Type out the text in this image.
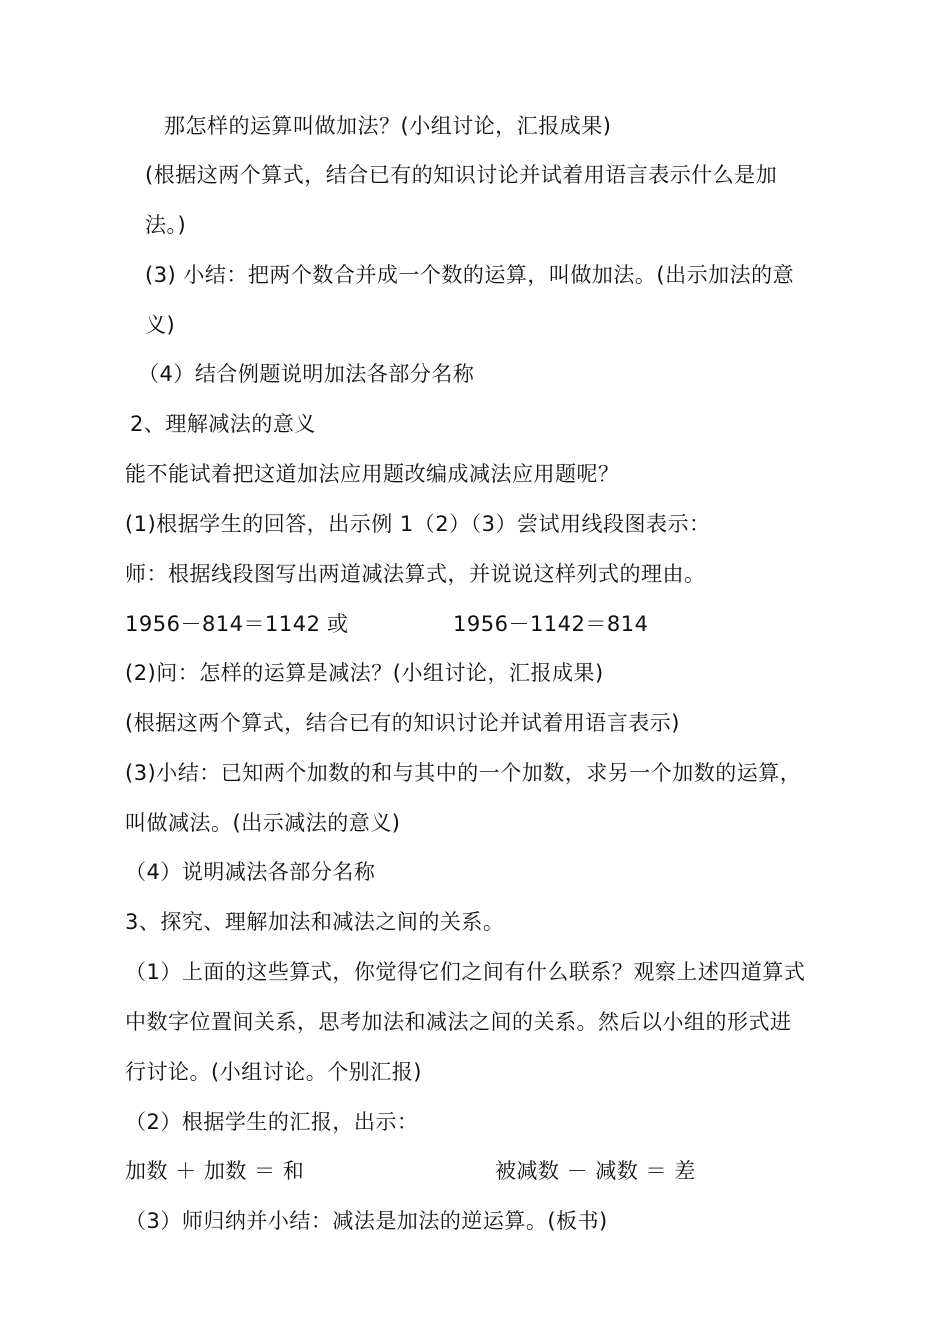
那怎样的运算叫做加法？(小组讨论，汇报成果)
(根据这两个算式，结合已有的知识讨论并试着用语言表示什么是加
法。)
(3) 小结：把两个数合并成一个数的运算，叫做加法。(出示加法的意
义)
（4）结合例题说明加法各部分名称
2、理解减法的意义
能不能试着把这道加法应用题改编成减法应用题呢？
(1)根据学生的回答，出示例 1（2）（3）尝试用线段图表示：
师：根据线段图写出两道减法算式，并说说这样列式的理由。
1956－814＝1142 或	1956－1142＝814
(2)问：怎样的运算是减法？(小组讨论，汇报成果)
(根据这两个算式，结合已有的知识讨论并试着用语言表示)
(3)小结：已知两个加数的和与其中的一个加数，求另一个加数的运算，
叫做减法。(出示减法的意义)
（4）说明减法各部分名称
3、探究、理解加法和减法之间的关系。
（1）上面的这些算式，你觉得它们之间有什么联系？观察上述四道算式
中数字位置间关系，思考加法和减法之间的关系。然后以小组的形式进
行讨论。(小组讨论。个别汇报)
（2）根据学生的汇报，出示：
加数 ＋ 加数 ＝ 和	被减数 － 减数 ＝ 差
（3）师归纳并小结：减法是加法的逆运算。(板书)
